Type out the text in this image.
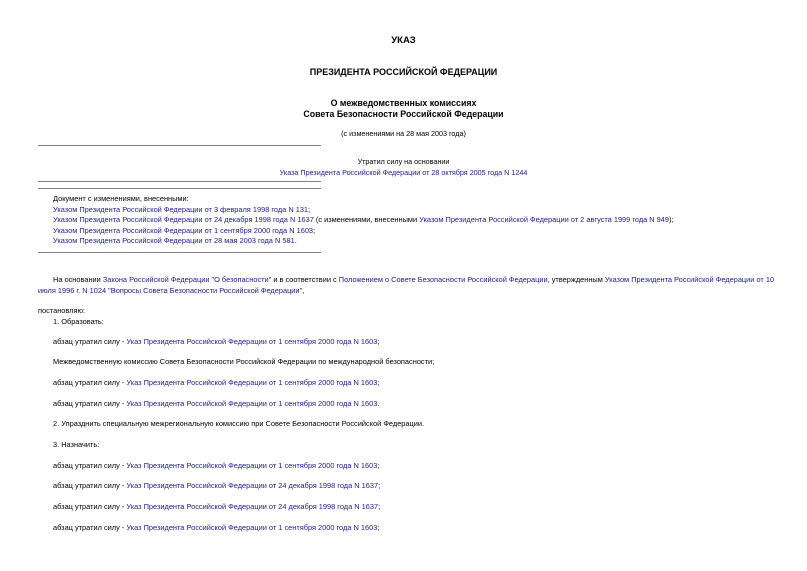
УКАЗ
ПРЕЗИДЕНТА РОССИЙСКОЙ ФЕДЕРАЦИИ
О межведомственных комиссиях
Совета Безопасности Российской Федерации
(с изменениями на 28 мая 2003 года)
Утратил силу на основании
Указа Президента Российской Федерации от 28 октября 2005 года N 1244
Документ с изменениями, внесенными:
Указом Президента Российской Федерации от 3 февраля 1998 года N 131;
Указом Президента Российской Федерации от 24 декабря 1998 года N 1637 (с изменениями, внесенными Указом Президента Российской Федерации от 2 августа 1999 года N 949);
Указом Президента Российской Федерации от 1 сентября 2000 года N 1603;
Указом Президента Российской Федерации от 28 мая 2003 года N 581.
На основании Закона Российской Федерации "О безопасности" и в соответствии с Положением о Совете Безопасности Российской Федерации, утвержденным Указом Президента Российской Федерации от 10
июля 1996 г. N 1024 "Вопросы Совета Безопасности Российской Федерации",
постановляю:
1. Образовать:
абзац утратил силу - Указ Президента Российской Федерации от 1 сентября 2000 года N 1603;
Межведомственную комиссию Совета Безопасности Российской Федерации по международной безопасности;
абзац утратил силу - Указ Президента Российской Федерации от 1 сентября 2000 года N 1603;
абзац утратил силу - Указ Президента Российской Федерации от 1 сентября 2000 года N 1603.
2. Упразднить специальную межрегиональную комиссию при Совете Безопасности Российской Федерации.
3. Назначить:
абзац утратил силу - Указ Президента Российской Федерации от 1 сентября 2000 года N 1603;
абзац утратил силу - Указ Президента Российской Федерации от 24 декабря 1998 года N 1637;
абзац утратил силу - Указ Президента Российской Федерации от 24 декабря 1998 года N 1637;
абзац утратил силу - Указ Президента Российской Федерации от 1 сентября 2000 года N 1603;
